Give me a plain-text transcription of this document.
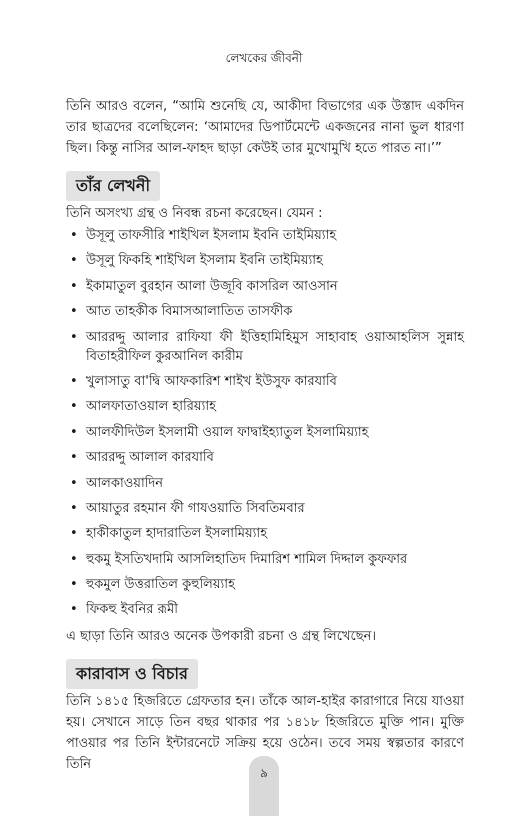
লেখকের জীবনী

তিনি আরও বলেন, “আমি শুনেছি যে, আকীদা বিভাগের এক উস্তাদ একদিন তার ছাত্রদের বলেছিলেন: ‘আমাদের ডিপার্টমেন্টে একজনের নানা ভুল ধারণা ছিল। কিন্তু নাসির আল-ফাহদ ছাড়া কেউই তার মুখোমুখি হতে পারত না।’”

তাঁর লেখনী

তিনি অসংখ্য গ্রন্থ ও নিবন্ধ রচনা করেছেন। যেমন :

• উসূলু তাফসীরি শাইখিল ইসলাম ইবনি তাইমিয়্যাহ
• উসূলু ফিকহি শাইখিল ইসলাম ইবনি তাইমিয়্যাহ
• ইকামাতুল বুরহান আলা উজূবি কাসরিল আওসান
• আত তাহকীক বিমাসআলাতিত তাসফীক
• আররদ্দু আলার রাফিযা ফী ইত্তিহামিহিমুস সাহাবাহ ওয়াআহলিস সুন্নাহ বিতাহরীফিল কুরআনিল কারীম
• খুলাসাতু বা'দ্বি আফকারিশ শাইখ ইউসুফ কারযাবি
• আলফাতাওয়াল হারিয়্যাহ
• আলফীদিউল ইসলামী ওয়াল ফাদ্বাইহ্যাতুল ইসলামিয়্যাহ
• আররদ্দু আলাল কারযাবি
• আলকাওয়াদিন
• আয়াতুর রহমান ফী গাযওয়াতি সিবতিমবার
• হাকীকাতুল হাদারাতিল ইসলামিয়্যাহ
• হুকমু ইসতিখদামি আসলিহাতিদ দিমারিশ শামিল দিদ্দাল কুফফার
• হুকমুল উত্তরাতিল কুহুলিয়্যাহ
• ফিকহু ইবনির রূমী

এ ছাড়া তিনি আরও অনেক উপকারী রচনা ও গ্রন্থ লিখেছেন।

কারাবাস ও বিচার

তিনি ১৪১৫ হিজরিতে গ্রেফতার হন। তাঁকে আল-হাইর কারাগারে নিয়ে যাওয়া হয়। সেখানে সাড়ে তিন বছর থাকার পর ১৪১৮ হিজরিতে মুক্তি পান। মুক্তি পাওয়ার পর তিনি ইন্টারনেটে সক্রিয় হয়ে ওঠেন। তবে সময় স্বল্পতার কারণে তিনি

৯
